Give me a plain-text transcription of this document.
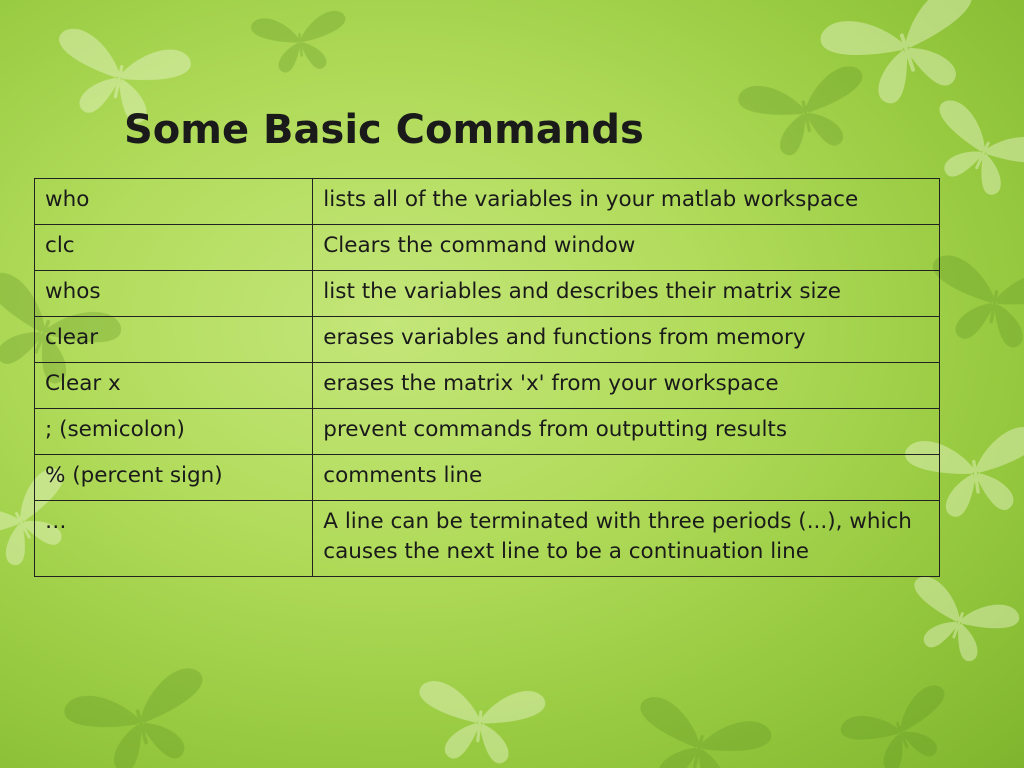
Some Basic Commands
who	lists all of the variables in your matlab workspace
clc	Clears the command window
whos	list the variables and describes their matrix size
clear	erases variables and functions from memory
Clear x	erases the matrix 'x' from your workspace
; (semicolon)	prevent commands from outputting results
% (percent sign)	comments line
…	A line can be terminated with three periods (...), which causes the next line to be a continuation line
